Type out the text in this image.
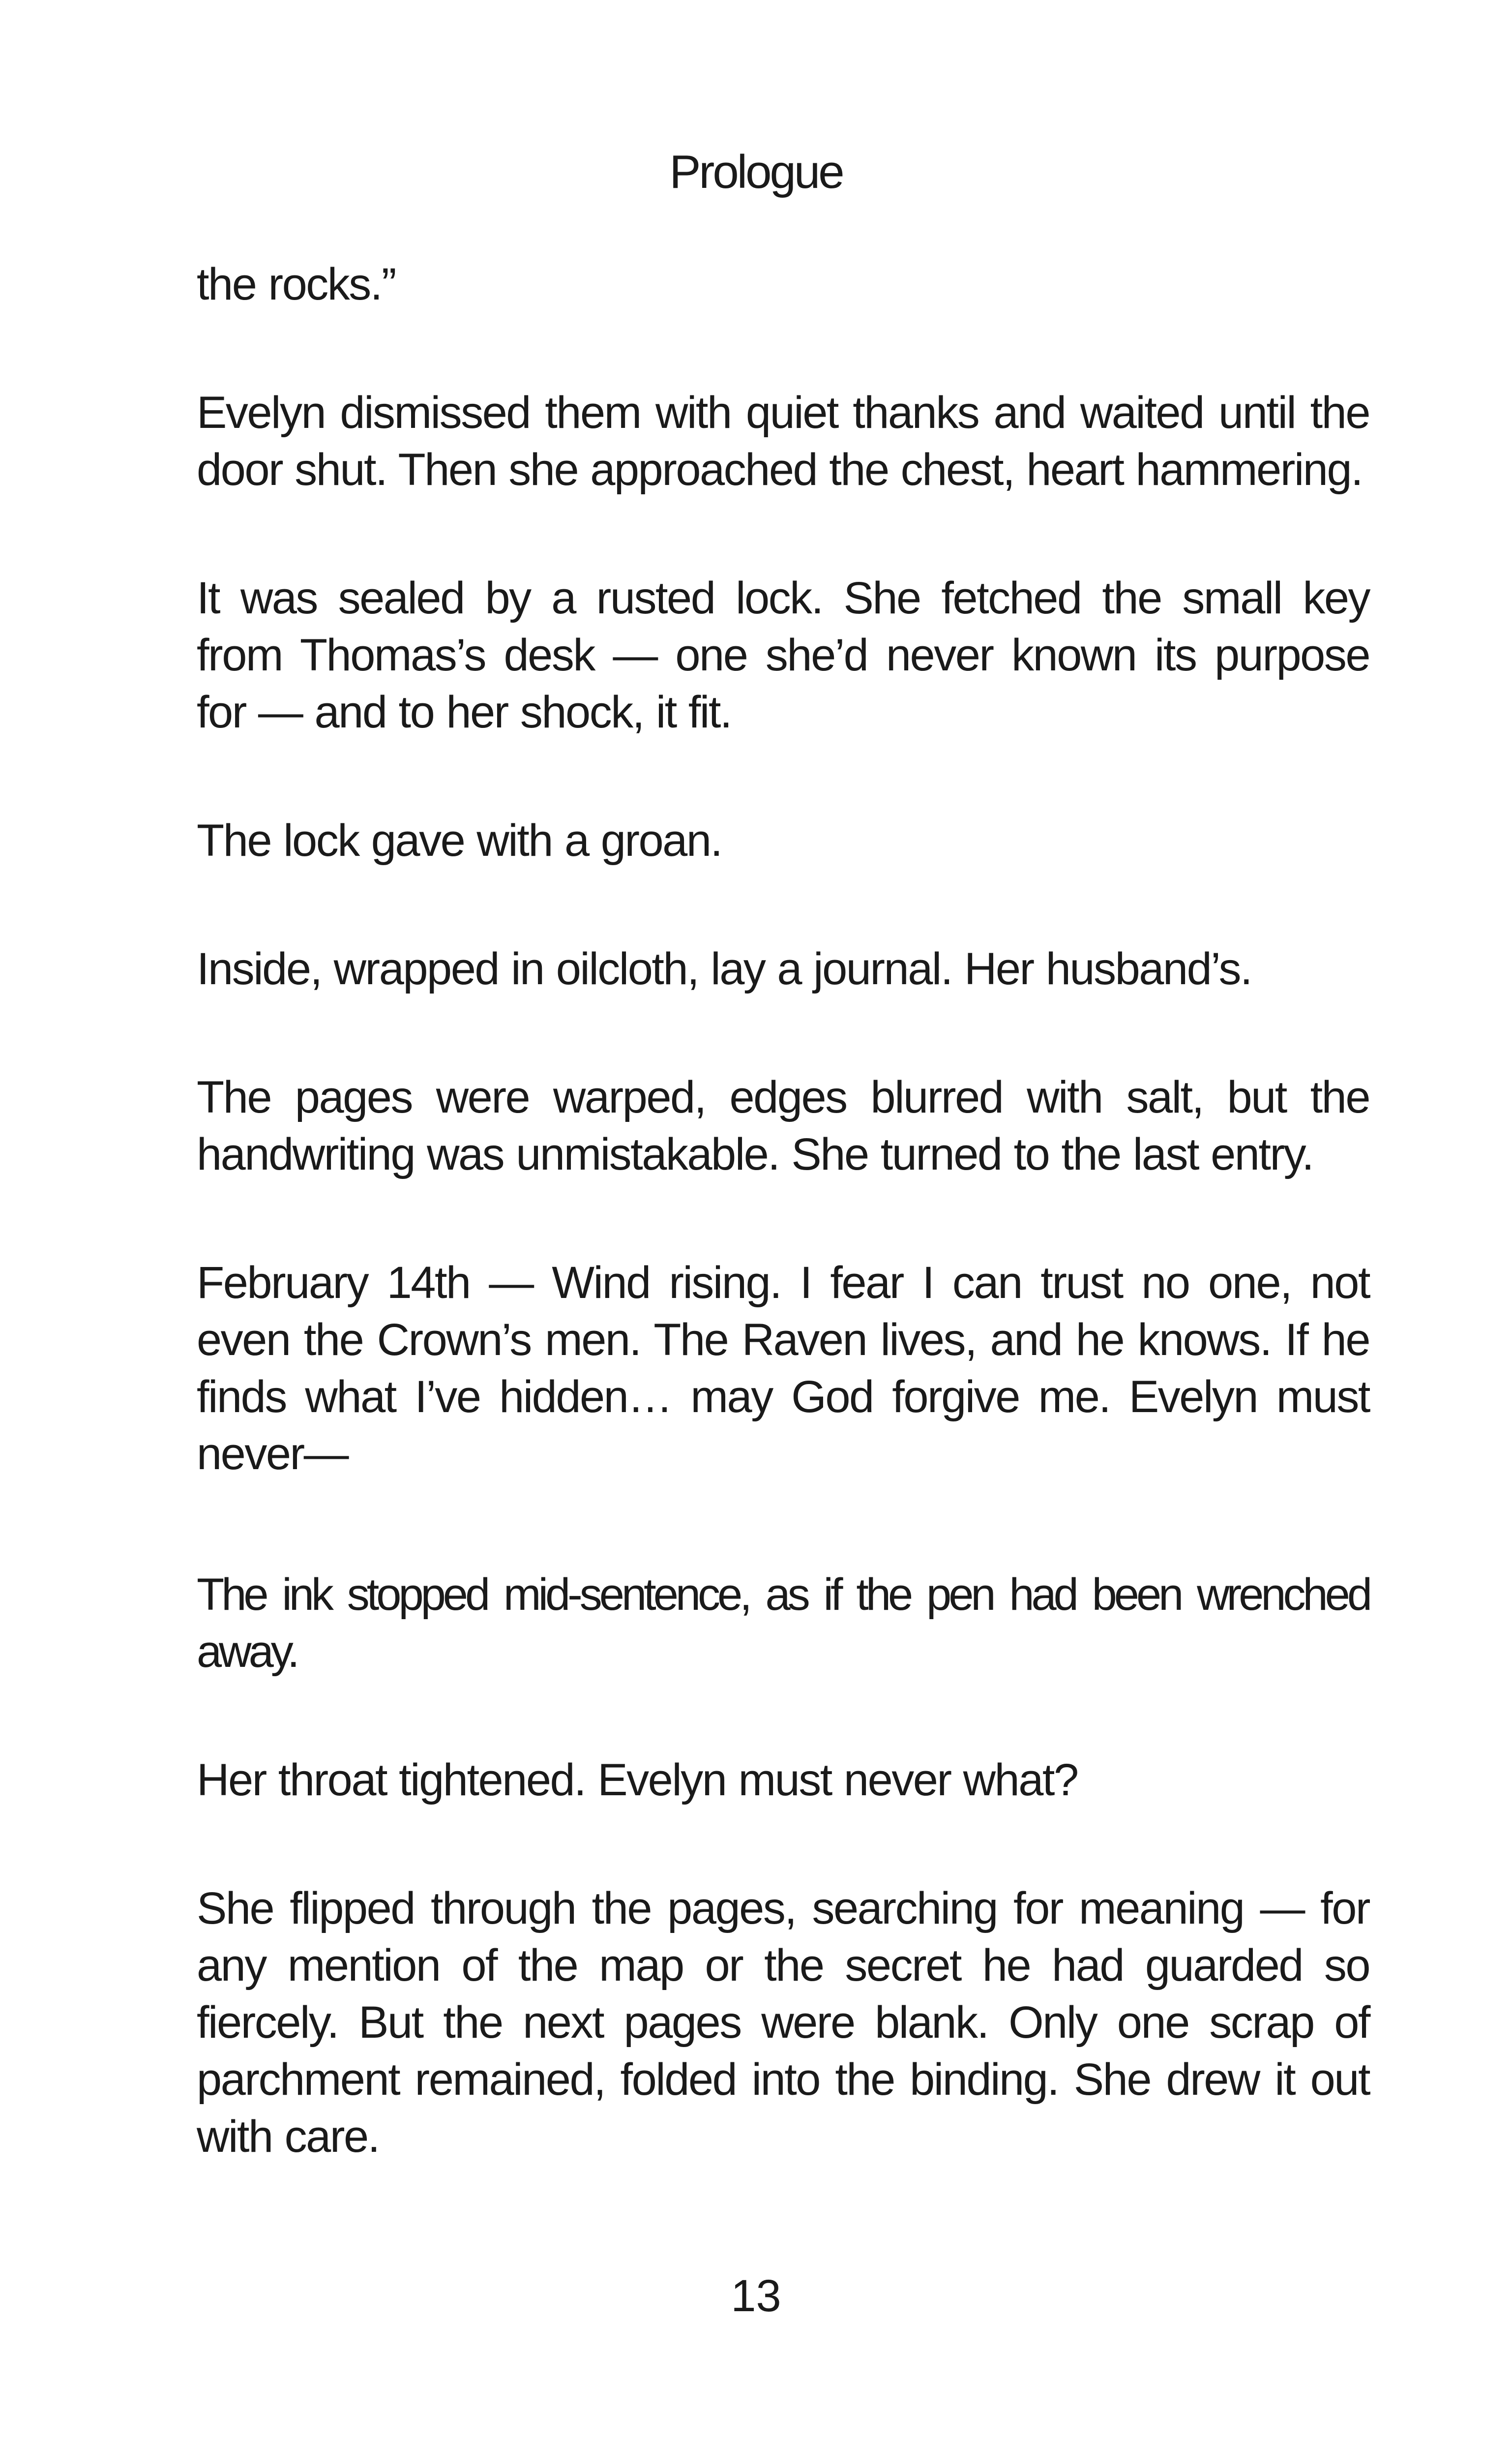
Prologue

the rocks.”

Evelyn dismissed them with quiet thanks and waited until the door shut. Then she approached the chest, heart hammering.

It was sealed by a rusted lock. She fetched the small key from Thomas’s desk — one she’d never known its purpose for — and to her shock, it fit.

The lock gave with a groan.

Inside, wrapped in oilcloth, lay a journal. Her husband’s.

The pages were warped, edges blurred with salt, but the handwriting was unmistakable. She turned to the last entry.

February 14th — Wind rising. I fear I can trust no one, not even the Crown’s men. The Raven lives, and he knows. If he finds what I’ve hidden… may God forgive me. Evelyn must never—

The ink stopped mid-sentence, as if the pen had been wrenched away.

Her throat tightened. Evelyn must never what?

She flipped through the pages, searching for meaning — for any mention of the map or the secret he had guarded so fiercely. But the next pages were blank. Only one scrap of parchment remained, folded into the binding. She drew it out with care.

13
